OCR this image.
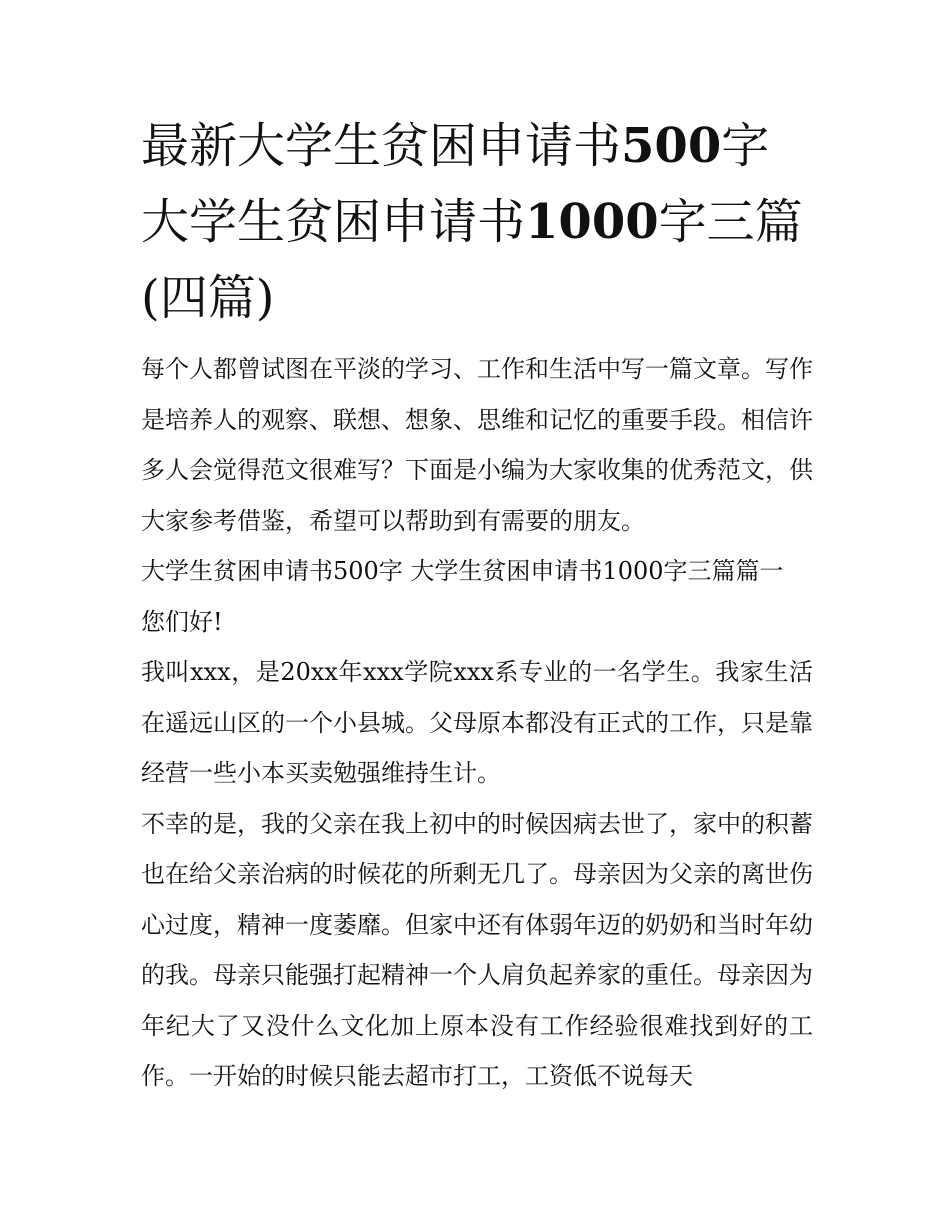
最新大学生贫困申请书500字
大学生贫困申请书1000字三篇
(四篇)

每个人都曾试图在平淡的学习、工作和生活中写一篇文章。写作是培养人的观察、联想、想象、思维和记忆的重要手段。相信许多人会觉得范文很难写？下面是小编为大家收集的优秀范文，供大家参考借鉴，希望可以帮助到有需要的朋友。

大学生贫困申请书500字 大学生贫困申请书1000字三篇篇一

您们好!

我叫xxx，是20xx年xxx学院xxx系专业的一名学生。我家生活在遥远山区的一个小县城。父母原本都没有正式的工作，只是靠经营一些小本买卖勉强维持生计。

不幸的是，我的父亲在我上初中的时候因病去世了，家中的积蓄也在给父亲治病的时候花的所剩无几了。母亲因为父亲的离世伤心过度，精神一度萎靡。但家中还有体弱年迈的奶奶和当时年幼的我。母亲只能强打起精神一个人肩负起养家的重任。母亲因为年纪大了又没什么文化加上原本没有工作经验很难找到好的工作。一开始的时候只能去超市打工，工资低不说每天
